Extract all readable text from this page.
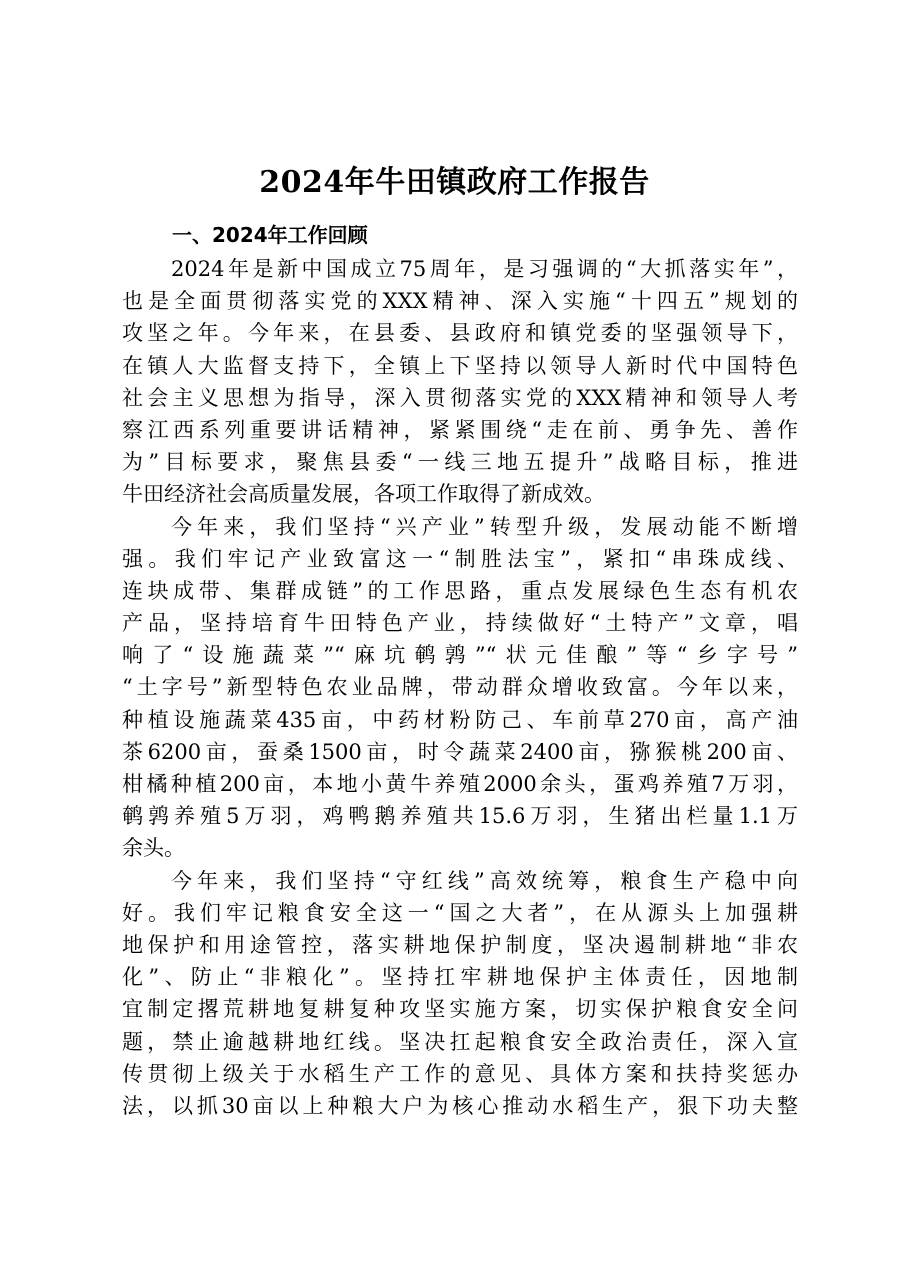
2024年牛田镇政府工作报告
一、2024年工作回顾
2024年是新中国成立75周年，是习强调的“大抓落实年”，
也是全面贯彻落实党的XXX精神、深入实施“十四五”规划的
攻坚之年。今年来，在县委、县政府和镇党委的坚强领导下，
在镇人大监督支持下，全镇上下坚持以领导人新时代中国特色
社会主义思想为指导，深入贯彻落实党的XXX精神和领导人考
察江西系列重要讲话精神，紧紧围绕“走在前、勇争先、善作
为”目标要求，聚焦县委“一线三地五提升”战略目标，推进
牛田经济社会高质量发展，各项工作取得了新成效。
今年来，我们坚持“兴产业”转型升级，发展动能不断增
强。我们牢记产业致富这一“制胜法宝”，紧扣“串珠成线、
连块成带、集群成链”的工作思路，重点发展绿色生态有机农
产品，坚持培育牛田特色产业，持续做好“土特产”文章，唱
响了“设施蔬菜”“麻坑鹌鹑”“状元佳酿”等“乡字号”
“土字号”新型特色农业品牌，带动群众增收致富。今年以来，
种植设施蔬菜435亩，中药材粉防己、车前草270亩，高产油
茶6200亩，蚕桑1500亩，时令蔬菜2400亩，猕猴桃200亩、
柑橘种植200亩，本地小黄牛养殖2000余头，蛋鸡养殖7万羽，
鹌鹑养殖5万羽，鸡鸭鹅养殖共15.6万羽，生猪出栏量1.1万
余头。
今年来，我们坚持“守红线”高效统筹，粮食生产稳中向
好。我们牢记粮食安全这一“国之大者”，在从源头上加强耕
地保护和用途管控，落实耕地保护制度，坚决遏制耕地“非农
化”、防止“非粮化”。坚持扛牢耕地保护主体责任，因地制
宜制定撂荒耕地复耕复种攻坚实施方案，切实保护粮食安全问
题，禁止逾越耕地红线。坚决扛起粮食安全政治责任，深入宣
传贯彻上级关于水稻生产工作的意见、具体方案和扶持奖惩办
法，以抓30亩以上种粮大户为核心推动水稻生产，狠下功夫整
